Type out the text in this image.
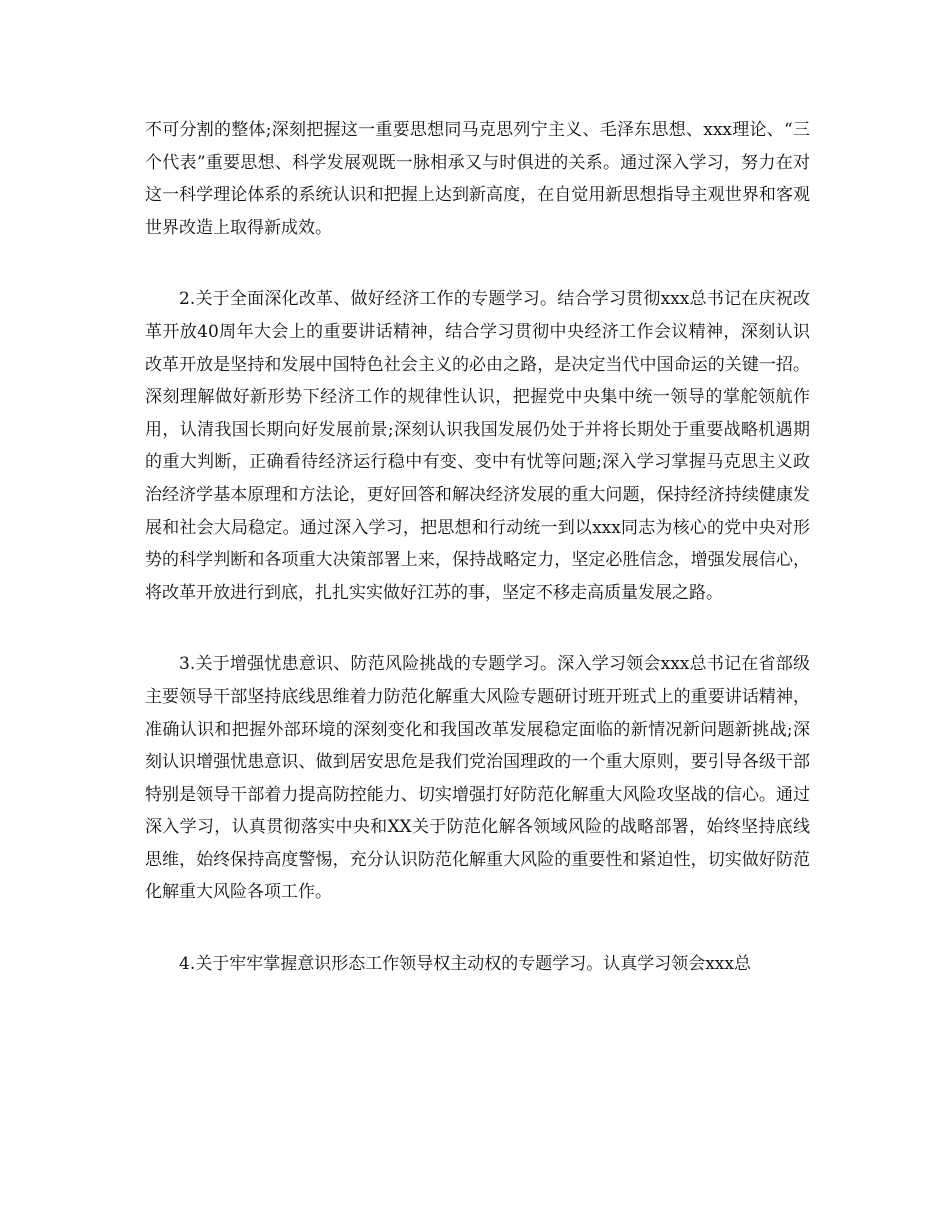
不可分割的整体;深刻把握这一重要思想同马克思列宁主义、毛泽东思想、xxx理论、“三个代表”重要思想、科学发展观既一脉相承又与时俱进的关系。通过深入学习，努力在对这一科学理论体系的系统认识和把握上达到新高度，在自觉用新思想指导主观世界和客观世界改造上取得新成效。

2.关于全面深化改革、做好经济工作的专题学习。结合学习贯彻xxx总书记在庆祝改革开放40周年大会上的重要讲话精神，结合学习贯彻中央经济工作会议精神，深刻认识改革开放是坚持和发展中国特色社会主义的必由之路，是决定当代中国命运的关键一招。深刻理解做好新形势下经济工作的规律性认识，把握党中央集中统一领导的掌舵领航作用，认清我国长期向好发展前景;深刻认识我国发展仍处于并将长期处于重要战略机遇期的重大判断，正确看待经济运行稳中有变、变中有忧等问题;深入学习掌握马克思主义政治经济学基本原理和方法论，更好回答和解决经济发展的重大问题，保持经济持续健康发展和社会大局稳定。通过深入学习，把思想和行动统一到以xxx同志为核心的党中央对形势的科学判断和各项重大决策部署上来，保持战略定力，坚定必胜信念，增强发展信心，将改革开放进行到底，扎扎实实做好江苏的事，坚定不移走高质量发展之路。

3.关于增强忧患意识、防范风险挑战的专题学习。深入学习领会xxx总书记在省部级主要领导干部坚持底线思维着力防范化解重大风险专题研讨班开班式上的重要讲话精神，准确认识和把握外部环境的深刻变化和我国改革发展稳定面临的新情况新问题新挑战;深刻认识增强忧患意识、做到居安思危是我们党治国理政的一个重大原则，要引导各级干部特别是领导干部着力提高防控能力、切实增强打好防范化解重大风险攻坚战的信心。通过深入学习，认真贯彻落实中央和XX关于防范化解各领域风险的战略部署，始终坚持底线思维，始终保持高度警惕，充分认识防范化解重大风险的重要性和紧迫性，切实做好防范化解重大风险各项工作。

4.关于牢牢掌握意识形态工作领导权主动权的专题学习。认真学习领会xxx总
